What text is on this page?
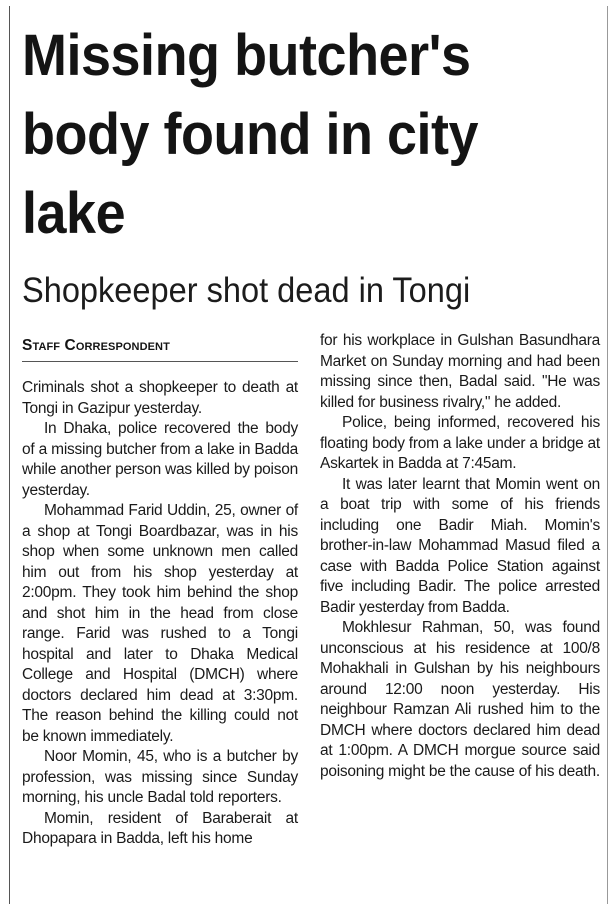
Missing butcher's body found in city lake
Shopkeeper shot dead in Tongi
Staff Correspondent

Criminals shot a shopkeeper to death at Tongi in Gazipur yesterday.

In Dhaka, police recovered the body of a missing butcher from a lake in Badda while another person was killed by poison yesterday.

Mohammad Farid Uddin, 25, owner of a shop at Tongi Boardbazar, was in his shop when some unknown men called him out from his shop yesterday at 2:00pm. They took him behind the shop and shot him in the head from close range. Farid was rushed to a Tongi hospital and later to Dhaka Medical College and Hospital (DMCH) where doctors declared him dead at 3:30pm. The reason behind the killing could not be known immediately.

Noor Momin, 45, who is a butcher by profession, was missing since Sunday morning, his uncle Badal told reporters.

Momin, resident of Baraberait at Dhopapara in Badda, left his home

for his workplace in Gulshan Basundhara Market on Sunday morning and had been missing since then, Badal said. "He was killed for business rivalry," he added.

Police, being informed, recovered his floating body from a lake under a bridge at Askartek in Badda at 7:45am.

It was later learnt that Momin went on a boat trip with some of his friends including one Badir Miah. Momin's brother-in-law Mohammad Masud filed a case with Badda Police Station against five including Badir. The police arrested Badir yesterday from Badda.

Mokhlesur Rahman, 50, was found unconscious at his residence at 100/8 Mohakhali in Gulshan by his neighbours around 12:00 noon yesterday. His neighbour Ramzan Ali rushed him to the DMCH where doctors declared him dead at 1:00pm. A DMCH morgue source said poisoning might be the cause of his death.
